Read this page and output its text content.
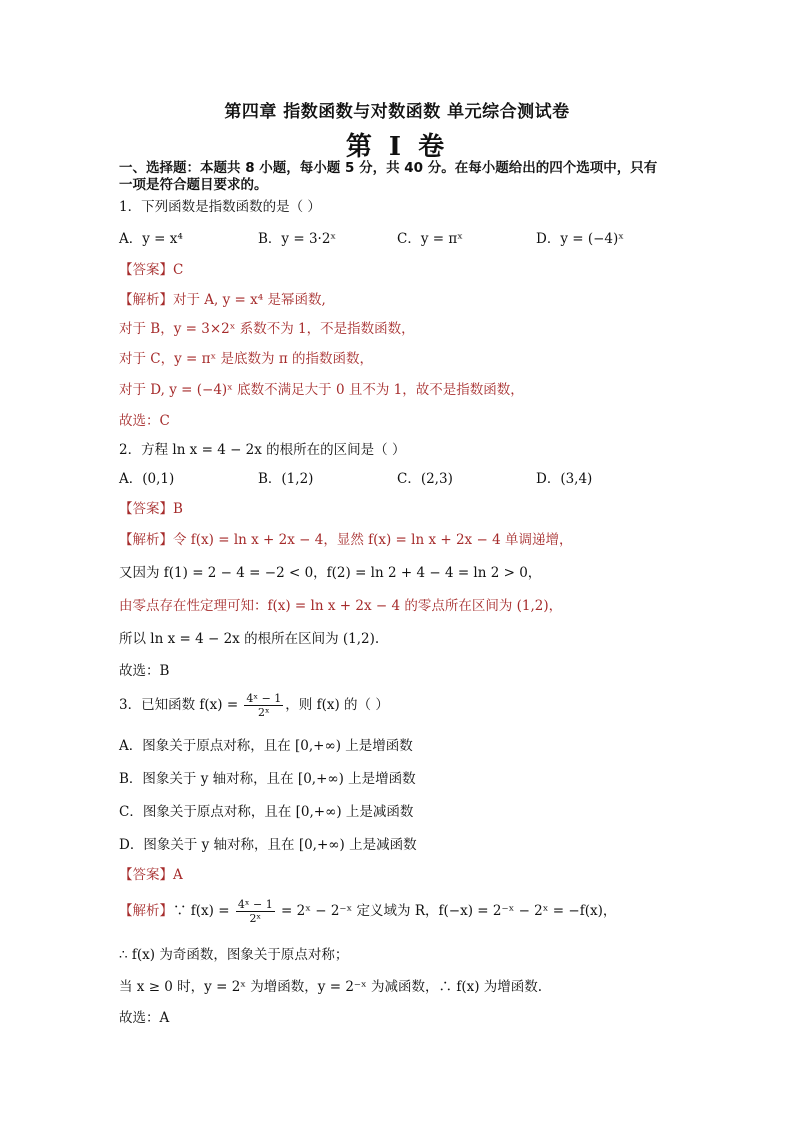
第四章 指数函数与对数函数 单元综合测试卷
第 I 卷
一、选择题：本题共 8 小题，每小题 5 分，共 40 分。在每小题给出的四个选项中，只有
一项是符合题目要求的。
1．下列函数是指数函数的是（ ）
A．y = x⁴	B．y = 3·2ˣ	C．y = πˣ	D．y = (−4)ˣ
【答案】C
【解析】对于 A, y = x⁴ 是幂函数,
对于 B，y = 3×2ˣ 系数不为 1，不是指数函数，
对于 C，y = πˣ 是底数为 π 的指数函数，
对于 D, y = (−4)ˣ 底数不满足大于 0 且不为 1，故不是指数函数，
故选：C
2．方程 ln x = 4 − 2x 的根所在的区间是（ ）
A．(0,1)	B．(1,2)	C．(2,3)	D．(3,4)
【答案】B
【解析】令 f(x) = ln x + 2x − 4，显然 f(x) = ln x + 2x − 4 单调递增，
又因为 f(1) = 2 − 4 = −2 < 0，f(2) = ln 2 + 4 − 4 = ln 2 > 0，
由零点存在性定理可知：f(x) = ln x + 2x − 4 的零点所在区间为 (1,2)，
所以 ln x = 4 − 2x 的根所在区间为 (1,2).
故选：B
3．已知函数 $f(x) = \frac{\text{4ˣ − 1}}{\text{2ˣ}}$ ，则 f(x) 的（ ）
A．图象关于原点对称，且在 [0,+∞) 上是增函数
B．图象关于 y 轴对称，且在 [0,+∞) 上是增函数
C．图象关于原点对称，且在 [0,+∞) 上是减函数
D．图象关于 y 轴对称，且在 [0,+∞) 上是减函数
【答案】A
【解析】∵ $f(x) = \frac{\text{4ˣ − 1}}{\text{2ˣ}}$ = 2ˣ − 2⁻ˣ 定义域为 R，f(−x) = 2⁻ˣ − 2ˣ = −f(x)，
∴ f(x) 为奇函数，图象关于原点对称；
当 x ≥ 0 时，y = 2ˣ 为增函数，y = 2⁻ˣ 为减函数，∴ f(x) 为增函数.
故选：A
